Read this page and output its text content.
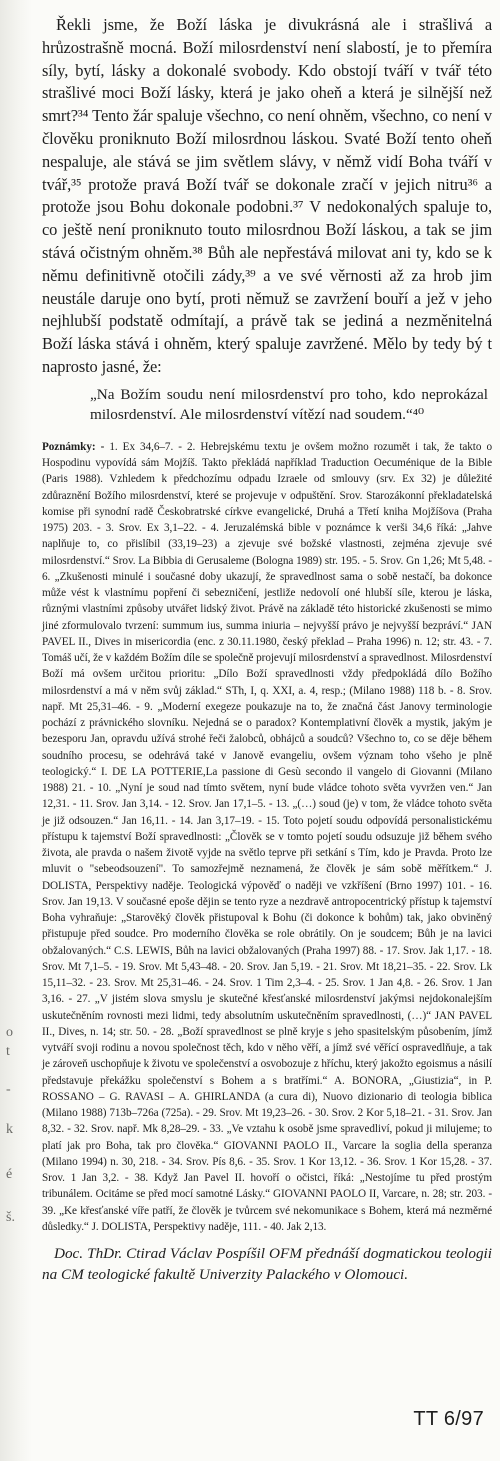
o
t
-
k
é
š.

Řekli jsme, že Boží láska je divukrásná ale i strašlivá a hrůzostrašně mocná. Boží milosrdenství není slabostí, je to přemíra síly, bytí, lásky a dokonalé svobody. Kdo obstojí tváří v tvář této strašlivé moci Boží lásky, která je jako oheň a která je silnější než smrt?³⁴ Tento žár spaluje všechno, co není ohněm, všechno, co není v člověku proniknuto Boží milosrdnou láskou. Svaté Boží tento oheň nespaluje, ale stává se jim světlem slávy, v němž vidí Boha tváří v tvář,³⁵ protože pravá Boží tvář se dokonale zračí v jejich nitru³⁶ a protože jsou Bohu dokonale podobni.³⁷ V nedokonalých spaluje to, co ještě není proniknuto touto milosrdnou Boží láskou, a tak se jim stává očistným ohněm.³⁸ Bůh ale nepřestává milovat ani ty, kdo se k němu definitivně otočili zády,³⁹ a ve své věrnosti až za hrob jim neustále daruje ono bytí, proti němuž se zavržení bouří a jež v jeho nejhlubší podstatě odmítají, a právě tak se jediná a nezměnitelná Boží láska stává i ohněm, který spaluje zavržené. Mělo by tedy bý t naprosto jasné, že:

„Na Božím soudu není milosrdenství pro toho, kdo neprokázal milosrdenství. Ale milosrdenství vítězí nad soudem.“⁴⁰

Poznámky: - 1. Ex 34,6–7. - 2. Hebrejskému textu je ovšem možno rozumět i tak, že takto o Hospodinu vypovídá sám Mojžíš. Takto překládá například Traduction Oecuménique de la Bible (Paris 1988). Vzhledem k předchozímu odpadu Izraele od smlouvy (srv. Ex 32) je důležité zdůraznění Božího milosrdenství, které se projevuje v odpuštění. Srov. Starozákonní překladatelská komise při synodní radě Českobratrské církve evangelické, Druhá a Třetí kniha Mojžíšova (Praha 1975) 203. - 3. Srov. Ex 3,1–22. - 4. Jeruzalémská bible v poznámce k verši 34,6 říká: „Jahve naplňuje to, co přislíbil (33,19–23) a zjevuje své božské vlastnosti, zejména zjevuje své milosrdenství.“ Srov. La Bibbia di Gerusaleme (Bologna 1989) str. 195. - 5. Srov. Gn 1,26; Mt 5,48. - 6. „Zkušenosti minulé i současné doby ukazují, že spravedlnost sama o sobě nestačí, ba dokonce může vést k vlastnímu popření či sebezničení, jestliže nedovolí oné hlubší síle, kterou je láska, různými vlastními způsoby utvářet lidský život. Právě na základě této historické zkušenosti se mimo jiné zformulovalo tvrzení: summum ius, summa iniuria – nejvyšší právo je nejvyšší bezpráví.“ JAN PAVEL II., Dives in misericordia (enc. z 30.11.1980, český překlad – Praha 1996) n. 12; str. 43. - 7. Tomáš učí, že v každém Božím díle se společně projevují milosrdenství a spravedlnost. Milosrdenství Boží má ovšem určitou prioritu: „Dílo Boží spravedlnosti vždy předpokládá dílo Božího milosrdenství a má v něm svůj základ.“ STh, I, q. XXI, a. 4, resp.; (Milano 1988) 118 b. - 8. Srov. např. Mt 25,31–46. - 9. „Moderní exegeze poukazuje na to, že značná část Janovy terminologie pochází z právnického slovníku. Nejedná se o paradox? Kontemplativní člověk a mystik, jakým je bezesporu Jan, opravdu užívá strohé řeči žalobců, obhájců a soudců? Všechno to, co se děje během soudního procesu, se odehrává také v Janově evangeliu, ovšem význam toho všeho je plně teologický.“ I. DE LA POTTERIE,La passione di Gesù secondo il vangelo di Giovanni (Milano 1988) 21. - 10. „Nyní je soud nad tímto světem, nyní bude vládce tohoto světa vyvržen ven.“ Jan 12,31. - 11. Srov. Jan 3,14. - 12. Srov. Jan 17,1–5. - 13. „(…) soud (je) v tom, že vládce tohoto světa je již odsouzen.“ Jan 16,11. - 14. Jan 3,17–19. - 15. Toto pojetí soudu odpovídá personalistickému přístupu k tajemství Boží spravedlnosti: „Člověk se v tomto pojetí soudu odsuzuje již během svého života, ale pravda o našem životě vyjde na světlo teprve při setkání s Tím, kdo je Pravda. Proto lze mluvit o "sebeodsouzení". To samozřejmě neznamená, že člověk je sám sobě měřítkem.“ J. DOLISTA, Perspektivy naděje. Teologická výpověď o naději ve vzkříšení (Brno 1997) 101. - 16. Srov. Jan 19,13. V současné epoše dějin se tento ryze a nezdravě antropocentrický přístup k tajemství Boha vyhraňuje: „Starověký člověk přistupoval k Bohu (či dokonce k bohům) tak, jako obviněný přistupuje před soudce. Pro moderního člověka se role obrátily. On je soudcem; Bůh je na lavici obžalovaných.“ C.S. LEWIS, Bůh na lavici obžalovaných (Praha 1997) 88. - 17. Srov. Jak 1,17. - 18. Srov. Mt 7,1–5. - 19. Srov. Mt 5,43–48. - 20. Srov. Jan 5,19. - 21. Srov. Mt 18,21–35. - 22. Srov. Lk 15,11–32. - 23. Srov. Mt 25,31–46. - 24. Srov. 1 Tim 2,3–4. - 25. Srov. 1 Jan 4,8. - 26. Srov. 1 Jan 3,16. - 27. „V jistém slova smyslu je skutečné křesťanské milosrdenství jakýmsi nejdokonalejším uskutečněním rovnosti mezi lidmi, tedy absolutním uskutečněním spravedlnosti, (…)“ JAN PAVEL II., Dives, n. 14; str. 50. - 28. „Boží spravedlnost se plně kryje s jeho spasitelským působením, jímž vytváří svoji rodinu a novou společnost těch, kdo v něho věří, a jímž své věřící ospravedlňuje, a tak je zároveň uschopňuje k životu ve společenství a osvobozuje z hříchu, který jakožto egoismus a násilí představuje překážku společenství s Bohem a s bratřími.“ A. BONORA, „Giustizia“, in P. ROSSANO – G. RAVASI – A. GHIRLANDA (a cura di), Nuovo dizionario di teologia biblica (Milano 1988) 713b–726a (725a). - 29. Srov. Mt 19,23–26. - 30. Srov. 2 Kor 5,18–21. - 31. Srov. Jan 8,32. - 32. Srov. např. Mk 8,28–29. - 33. „Ve vztahu k osobě jsme spravedliví, pokud ji milujeme; to platí jak pro Boha, tak pro člověka.“ GIOVANNI PAOLO II., Varcare la soglia della speranza (Milano 1994) n. 30, 218. - 34. Srov. Pís 8,6. - 35. Srov. 1 Kor 13,12. - 36. Srov. 1 Kor 15,28. - 37. Srov. 1 Jan 3,2. - 38. Když Jan Pavel II. hovoří o očistci, říká: „Nestojíme tu před prostým tribunálem. Ocitáme se před mocí samotné Lásky.“ GIOVANNI PAOLO II, Varcare, n. 28; str. 203. - 39. „Ke křesťanské víře patří, že člověk je tvůrcem své nekomunikace s Bohem, která má nezměrné důsledky.“ J. DOLISTA, Perspektivy naděje, 111. - 40. Jak 2,13.

Doc. ThDr. Ctirad Václav Pospíšil OFM přednáší dogmatickou teologii na CM teologické fakultě Univerzity Palackého v Olomouci.

TT 6/97
